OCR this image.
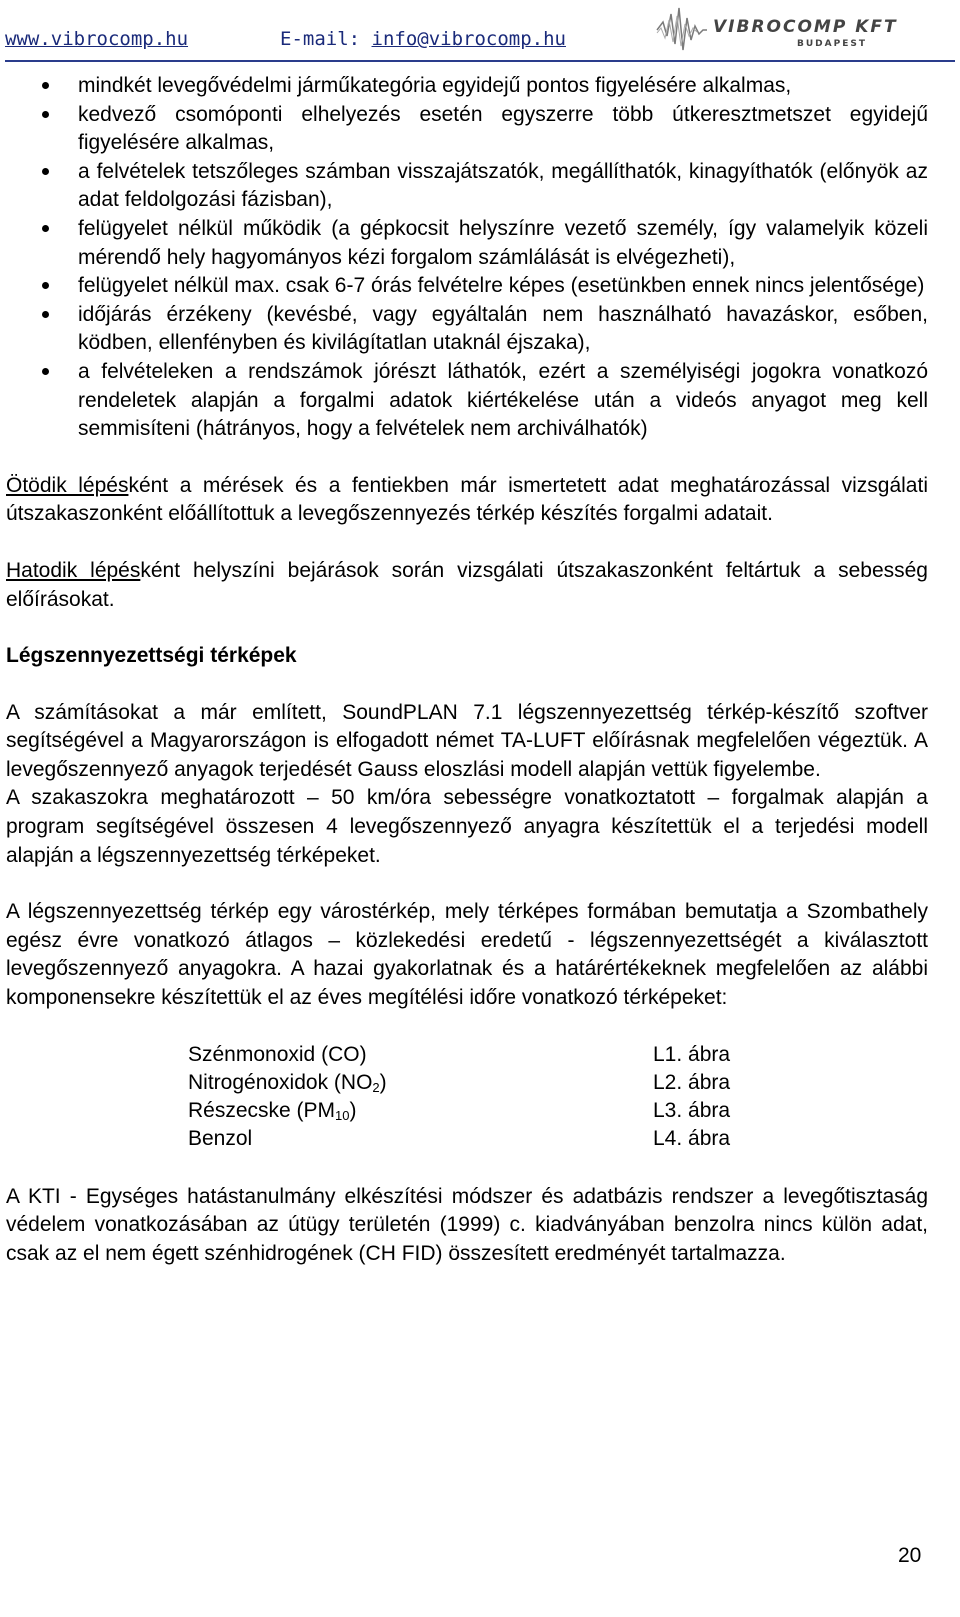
www.vibrocomp.hu	E-mail: info@vibrocomp.hu
VIBROCOMP KFT
BUDAPEST
mindkét levegővédelmi járműkategória egyidejű pontos figyelésére alkalmas,
kedvező csomóponti elhelyezés esetén egyszerre több útkeresztmetszet egyidejű figyelésére alkalmas,
a felvételek tetszőleges számban visszajátszatók, megállíthatók, kinagyíthatók (előnyök az adat feldolgozási fázisban),
felügyelet nélkül működik (a gépkocsit helyszínre vezető személy, így valamelyik közeli mérendő hely hagyományos kézi forgalom számlálását is elvégezheti),
felügyelet nélkül max. csak 6-7 órás felvételre képes (esetünkben ennek nincs jelentősége)
időjárás érzékeny (kevésbé, vagy egyáltalán nem használható havazáskor, esőben, ködben, ellenfényben és kivilágítatlan utaknál éjszaka),
a felvételeken a rendszámok jórészt láthatók, ezért a személyiségi jogokra vonatkozó rendeletek alapján a forgalmi adatok kiértékelése után a videós anyagot meg kell semmisíteni (hátrányos, hogy a felvételek nem archiválhatók)

Ötödik lépésként a mérések és a fentiekben már ismertetett adat meghatározással vizsgálati útszakaszonként előállítottuk a levegőszennyezés térkép készítés forgalmi adatait.

Hatodik lépésként helyszíni bejárások során vizsgálati útszakaszonként feltártuk a sebesség előírásokat.

Légszennyezettségi térképek

A számításokat a már említett, SoundPLAN 7.1 légszennyezettség térkép-készítő szoftver segítségével a Magyarországon is elfogadott német TA-LUFT előírásnak megfelelően végeztük. A levegőszennyező anyagok terjedését Gauss eloszlási modell alapján vettük figyelembe.

A szakaszokra meghatározott – 50 km/óra sebességre vonatkoztatott – forgalmak alapján a program segítségével összesen 4 levegőszennyező anyagra készítettük el a terjedési modell alapján a légszennyezettség térképeket.

A légszennyezettség térkép egy várostérkép, mely térképes formában bemutatja a Szombathely egész évre vonatkozó átlagos – közlekedési eredetű - légszennyezettségét a kiválasztott levegőszennyező anyagokra. A hazai gyakorlatnak és a határértékeknek megfelelően az alábbi komponensekre készítettük el az éves megítélési időre vonatkozó térképeket:

Szénmonoxid (CO)	L1. ábra
Nitrogénoxidok $(NO_2)$	L2. ábra
Részecske $(PM_{10})$	L3. ábra
Benzol	L4. ábra

A KTI - Egységes hatástanulmány elkészítési módszer és adatbázis rendszer a levegőtisztaság védelem vonatkozásában az útügy területén (1999) c. kiadványában benzolra nincs külön adat, csak az el nem égett szénhidrogének (CH FID) összesített eredményét tartalmazza.

20
